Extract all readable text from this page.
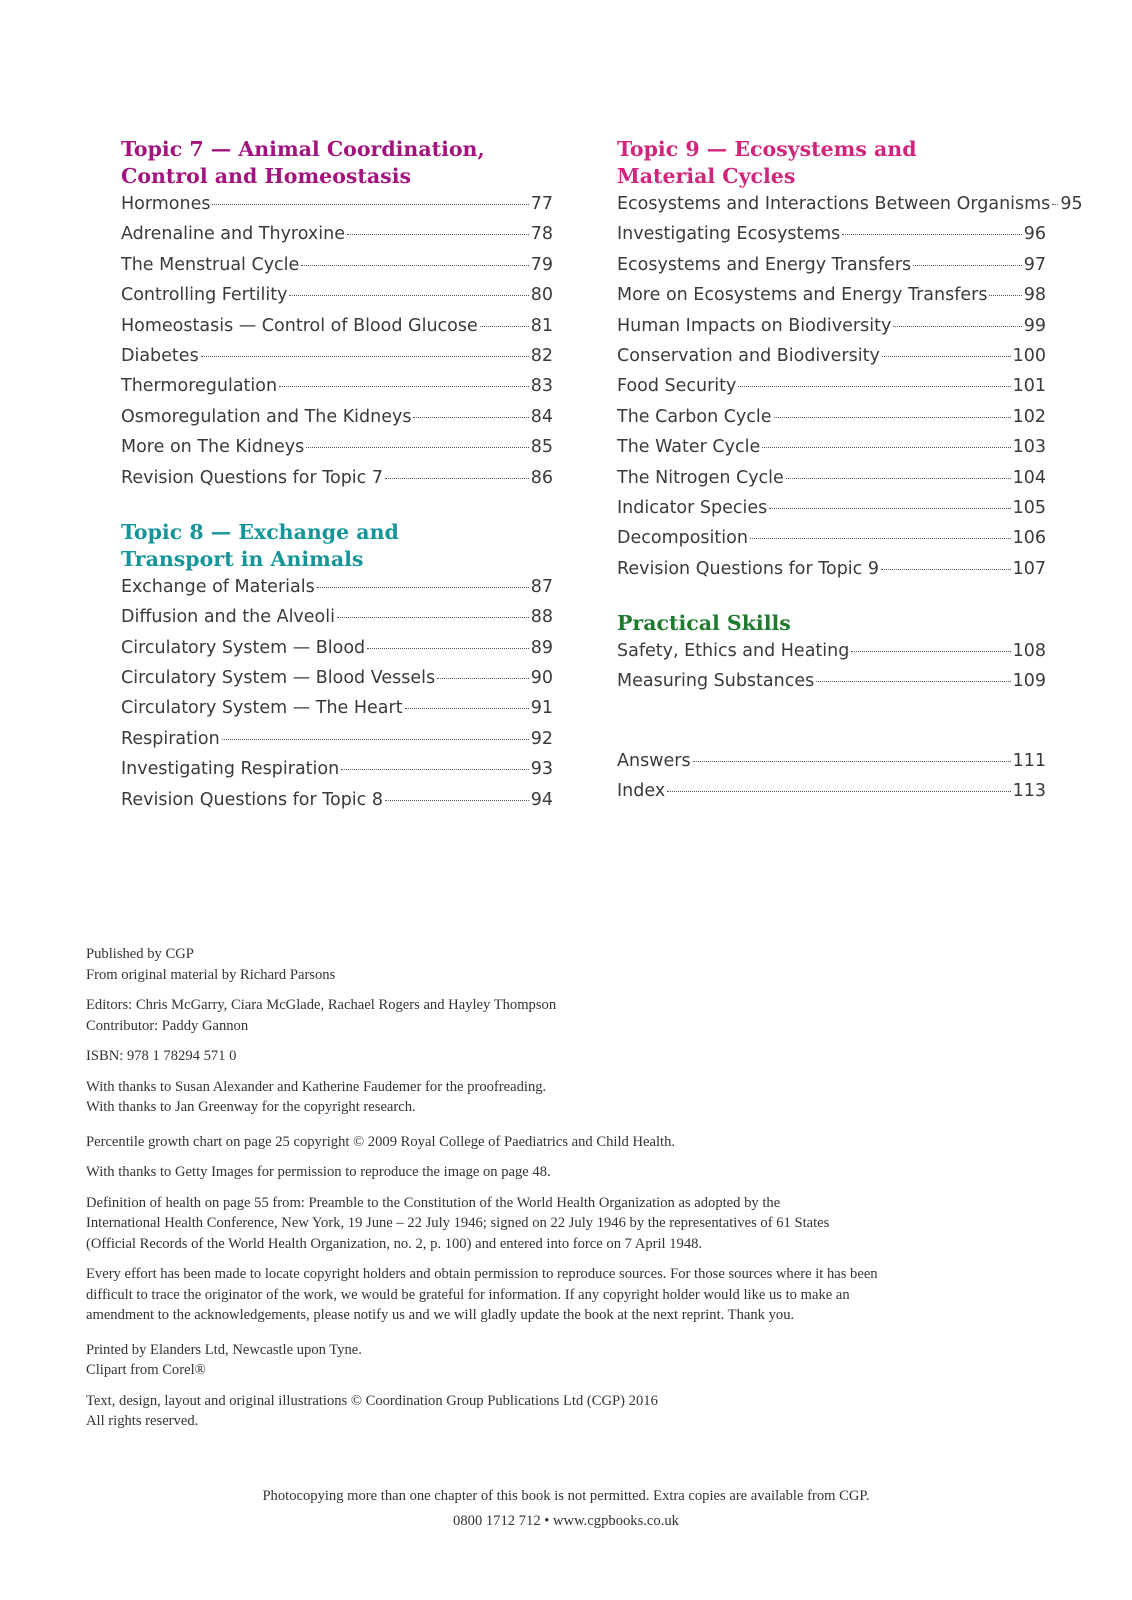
Topic 7 — Animal Coordination,
Control and Homeostasis
Hormones	77
Adrenaline and Thyroxine	78
The Menstrual Cycle	79
Controlling Fertility	80
Homeostasis — Control of Blood Glucose	81
Diabetes	82
Thermoregulation	83
Osmoregulation and The Kidneys	84
More on The Kidneys	85
Revision Questions for Topic 7	86
Topic 8 — Exchange and
Transport in Animals
Exchange of Materials	87
Diffusion and the Alveoli	88
Circulatory System — Blood	89
Circulatory System — Blood Vessels	90
Circulatory System — The Heart	91
Respiration	92
Investigating Respiration	93
Revision Questions for Topic 8	94
Topic 9 — Ecosystems and
Material Cycles
Ecosystems and Interactions Between Organisms 95
Investigating Ecosystems	96
Ecosystems and Energy Transfers	97
More on Ecosystems and Energy Transfers 98
Human Impacts on Biodiversity	99
Conservation and Biodiversity	100
Food Security	101
The Carbon Cycle	102
The Water Cycle	103
The Nitrogen Cycle	104
Indicator Species	105
Decomposition	106
Revision Questions for Topic 9	107
Practical Skills
Safety, Ethics and Heating	108
Measuring Substances	109
Answers	111
Index	113

Published by CGP
From original material by Richard Parsons

Editors: Chris McGarry, Ciara McGlade, Rachael Rogers and Hayley Thompson
Contributor: Paddy Gannon

ISBN: 978 1 78294 571 0

With thanks to Susan Alexander and Katherine Faudemer for the proofreading.
With thanks to Jan Greenway for the copyright research.

Percentile growth chart on page 25 copyright © 2009 Royal College of Paediatrics and Child Health.

With thanks to Getty Images for permission to reproduce the image on page 48.

Definition of health on page 55 from: Preamble to the Constitution of the World Health Organization as adopted by the
International Health Conference, New York, 19 June – 22 July 1946; signed on 22 July 1946 by the representatives of 61 States
(Official Records of the World Health Organization, no. 2, p. 100) and entered into force on 7 April 1948.

Every effort has been made to locate copyright holders and obtain permission to reproduce sources. For those sources where it has been
difficult to trace the originator of the work, we would be grateful for information. If any copyright holder would like us to make an
amendment to the acknowledgements, please notify us and we will gladly update the book at the next reprint. Thank you.

Printed by Elanders Ltd, Newcastle upon Tyne.
Clipart from Corel®

Text, design, layout and original illustrations © Coordination Group Publications Ltd (CGP) 2016
All rights reserved.

Photocopying more than one chapter of this book is not permitted. Extra copies are available from CGP.
0800 1712 712 • www.cgpbooks.co.uk
